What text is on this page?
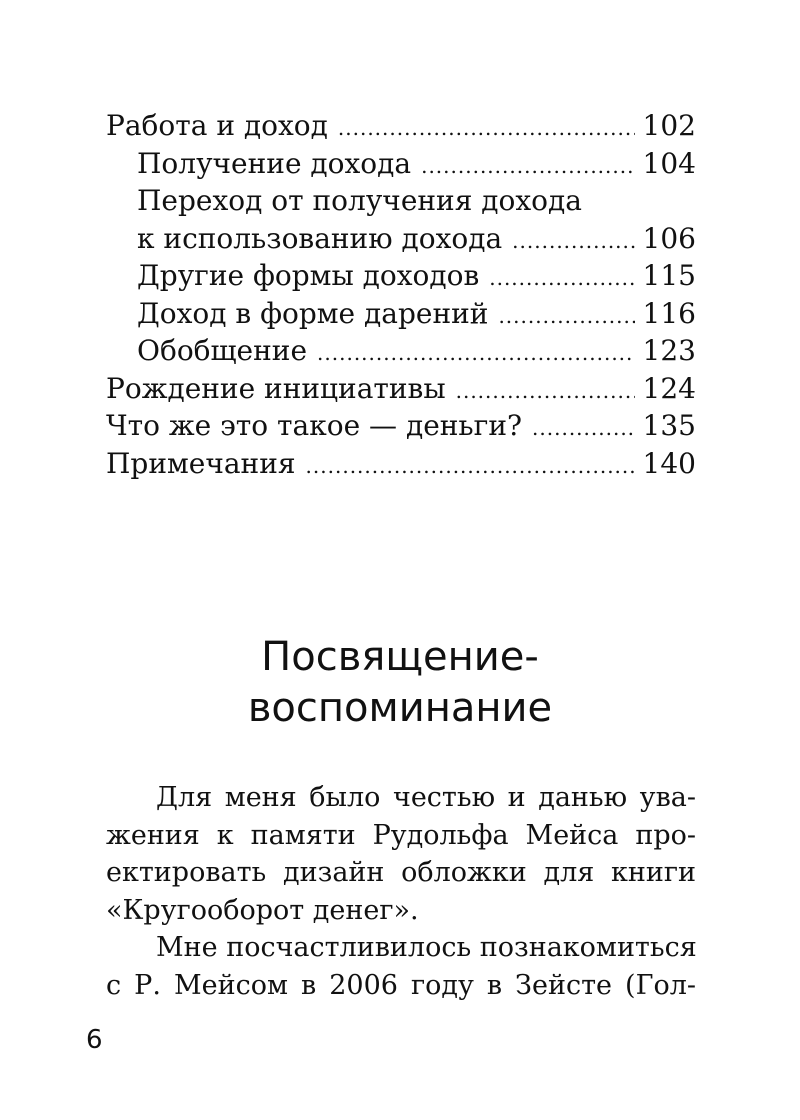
Работа и доход .....	102
Получение дохода .....	104
Переход от получения дохода
к использованию дохода .....	106
Другие формы доходов .....	115
Доход в форме дарений .....	116
Обобщение .....	123
Рождение инициативы .....	124
Что же это такое — деньги? .....	135
Примечания .....	140
Посвящение-
воспоминание

Для меня было честью и данью ува-
жения к памяти Рудольфа Мейса про-
ектировать дизайн обложки для книги
«Кругооборот денег».

Мне посчастливилось познакомиться
с Р. Мейсом в 2006 году в Зейсте (Гол-

6
